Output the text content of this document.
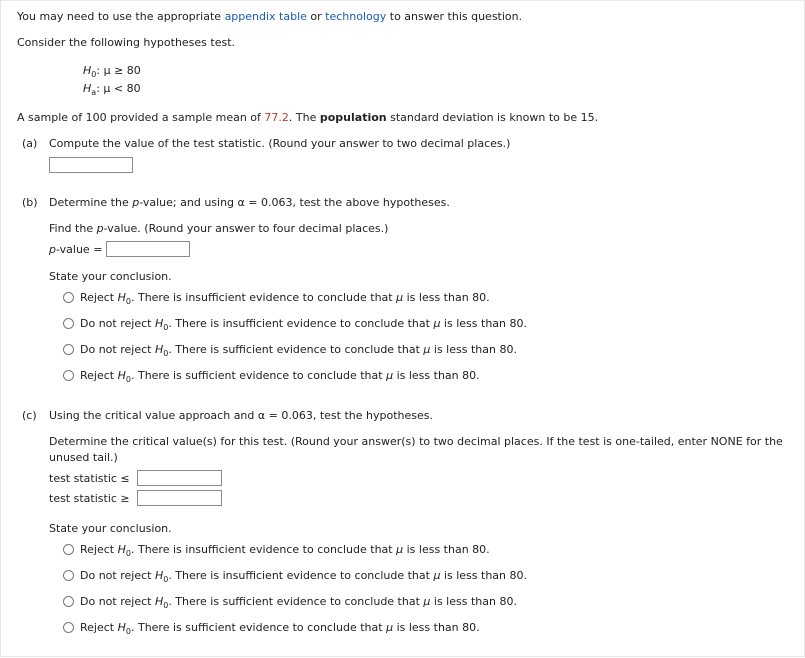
You may need to use the appropriate appendix table or technology to answer this question.
Consider the following hypotheses test.
$H_0$: μ ≥ 80
$H_a$: μ < 80
A sample of 100 provided a sample mean of 77.2. The population standard deviation is known to be 15.
(a) Compute the value of the test statistic. (Round your answer to two decimal places.)
(b) Determine the p-value; and using α = 0.063, test the above hypotheses.
Find the p-value. (Round your answer to four decimal places.)
p-value =
State your conclusion.
Reject $H_0$. There is insufficient evidence to conclude that μ is less than 80.
Do not reject $H_0$. There is insufficient evidence to conclude that μ is less than 80.
Do not reject $H_0$. There is sufficient evidence to conclude that μ is less than 80.
Reject $H_0$. There is sufficient evidence to conclude that μ is less than 80.
(c) Using the critical value approach and α = 0.063, test the hypotheses.
Determine the critical value(s) for this test. (Round your answer(s) to two decimal places. If the test is one-tailed, enter NONE for the
unused tail.)
test statistic ≤
test statistic ≥
State your conclusion.
Reject $H_0$. There is insufficient evidence to conclude that μ is less than 80.
Do not reject $H_0$. There is insufficient evidence to conclude that μ is less than 80.
Do not reject $H_0$. There is sufficient evidence to conclude that μ is less than 80.
Reject $H_0$. There is sufficient evidence to conclude that μ is less than 80.
